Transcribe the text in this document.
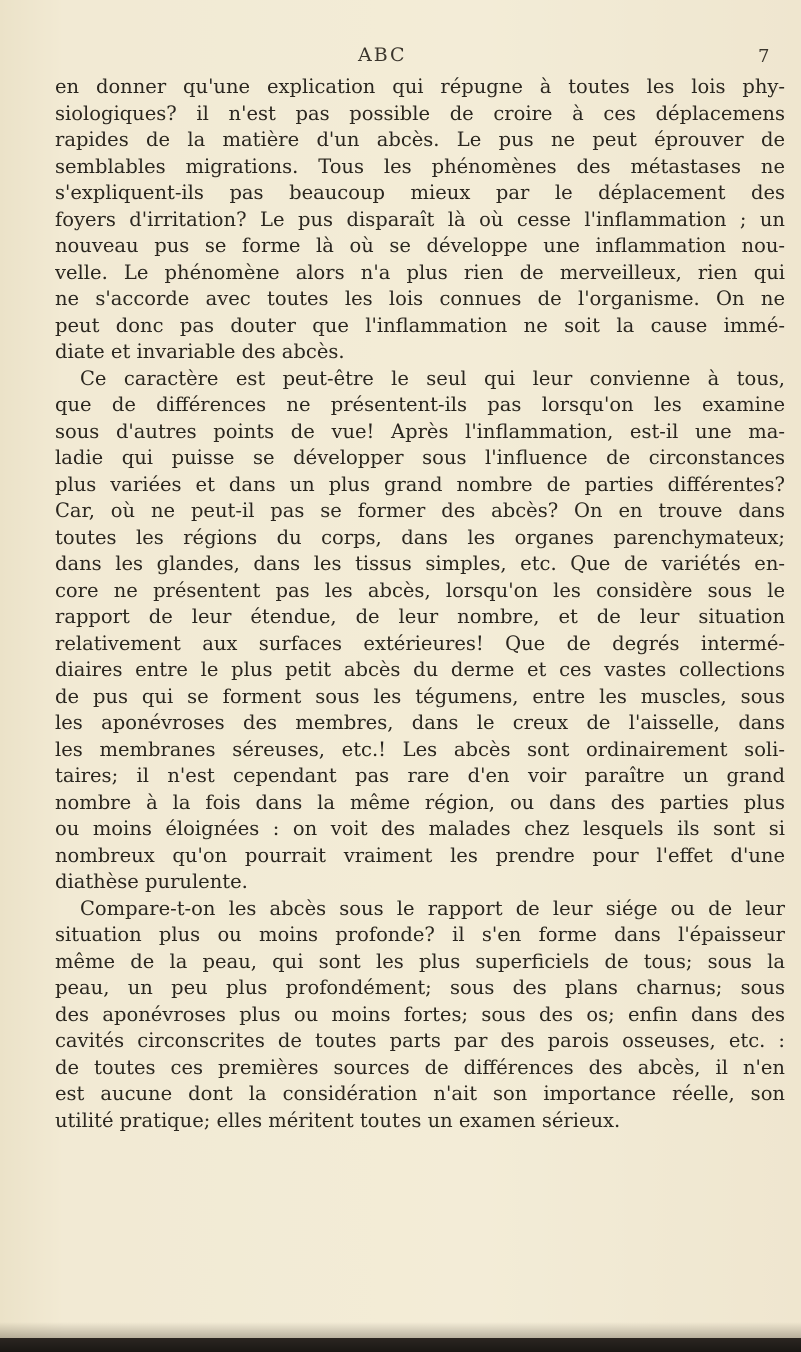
ABC	7
en donner qu'une explication qui répugne à toutes les lois phy-
siologiques? il n'est pas possible de croire à ces déplacemens
rapides de la matière d'un abcès. Le pus ne peut éprouver de
semblables migrations. Tous les phénomènes des métastases ne
s'expliquent-ils pas beaucoup mieux par le déplacement des
foyers d'irritation? Le pus disparaît là où cesse l'inflammation ; un
nouveau pus se forme là où se développe une inflammation nou-
velle. Le phénomène alors n'a plus rien de merveilleux, rien qui
ne s'accorde avec toutes les lois connues de l'organisme. On ne
peut donc pas douter que l'inflammation ne soit la cause immé-
diate et invariable des abcès.
Ce caractère est peut-être le seul qui leur convienne à tous,
que de différences ne présentent-ils pas lorsqu'on les examine
sous d'autres points de vue! Après l'inflammation, est-il une ma-
ladie qui puisse se développer sous l'influence de circonstances
plus variées et dans un plus grand nombre de parties différentes?
Car, où ne peut-il pas se former des abcès? On en trouve dans
toutes les régions du corps, dans les organes parenchymateux;
dans les glandes, dans les tissus simples, etc. Que de variétés en-
core ne présentent pas les abcès, lorsqu'on les considère sous le
rapport de leur étendue, de leur nombre, et de leur situation
relativement aux surfaces extérieures! Que de degrés intermé-
diaires entre le plus petit abcès du derme et ces vastes collections
de pus qui se forment sous les tégumens, entre les muscles, sous
les aponévroses des membres, dans le creux de l'aisselle, dans
les membranes séreuses, etc.! Les abcès sont ordinairement soli-
taires; il n'est cependant pas rare d'en voir paraître un grand
nombre à la fois dans la même région, ou dans des parties plus
ou moins éloignées : on voit des malades chez lesquels ils sont si
nombreux qu'on pourrait vraiment les prendre pour l'effet d'une
diathèse purulente.
Compare-t-on les abcès sous le rapport de leur siége ou de leur
situation plus ou moins profonde? il s'en forme dans l'épaisseur
même de la peau, qui sont les plus superficiels de tous; sous la
peau, un peu plus profondément; sous des plans charnus; sous
des aponévroses plus ou moins fortes; sous des os; enfin dans des
cavités circonscrites de toutes parts par des parois osseuses, etc. :
de toutes ces premières sources de différences des abcès, il n'en
est aucune dont la considération n'ait son importance réelle, son
utilité pratique; elles méritent toutes un examen sérieux.
